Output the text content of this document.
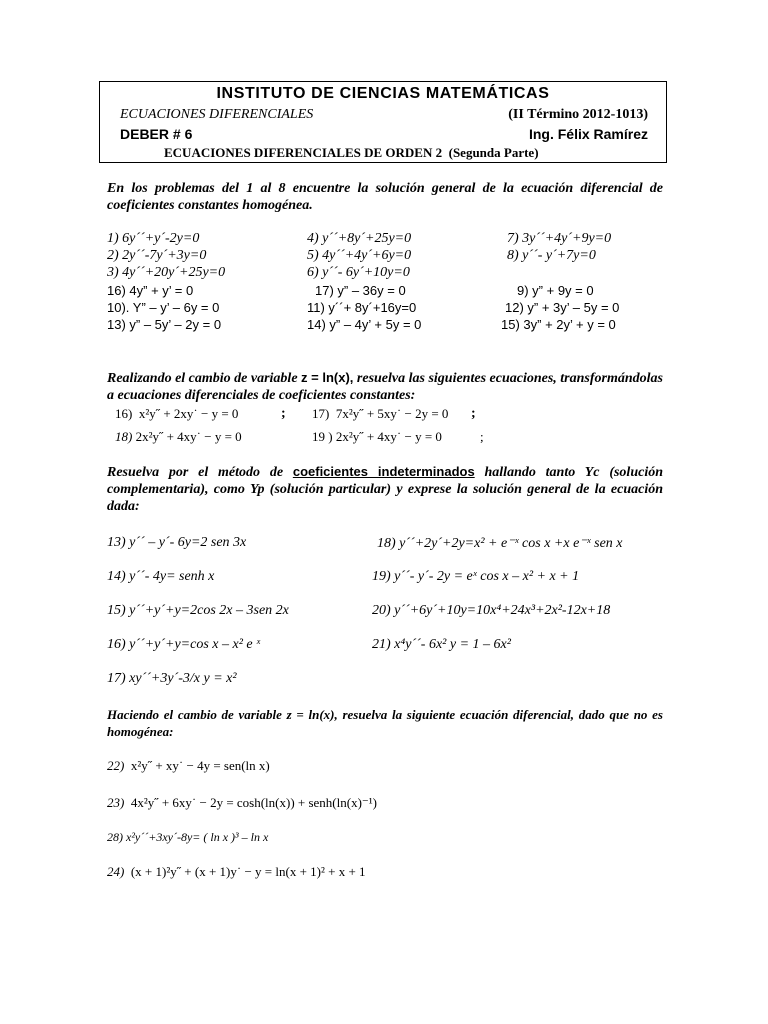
INSTITUTO DE CIENCIAS MATEMÁTICAS
ECUACIONES DIFERENCIALES	(II Término 2012-1013)
DEBER # 6	Ing. Félix Ramírez
ECUACIONES DIFERENCIALES DE ORDEN 2 (Segunda Parte)
En los problemas del 1 al 8 encuentre la solución general de la ecuación diferencial de coeficientes constantes homogénea.
1) 6y´´+y´-2y=0	4) y´´+8y´+25y=0	7) 3y´´+4y´+9y=0
2) 2y´´-7y´+3y=0	5) 4y´´+4y´+6y=0	8) y´´- y´+7y=0
3) 4y´´+20y´+25y=0	6) y´´- 6y´+10y=0
16) 4y” + y’ = 0	17) y” – 36y = 0	9) y” + 9y = 0
10). Y” – y’ – 6y = 0	11) y´´+ 8y´+16y=0	12) y” + 3y’ – 5y = 0
13) y” – 5y’ – 2y = 0	14) y” – 4y’ + 5y = 0	15) 3y” + 2y’ + y = 0
Realizando el cambio de variable z = ln(x), resuelva las siguientes ecuaciones, transformándolas a ecuaciones diferenciales de coeficientes constantes:
16) x²y˝ + 2xy˙ − y = 0	; 17) 7x²y˝ + 5xy˙ − 2y = 0 ;
18) 2x²y˝ + 4xy˙ − y = 0	19 ) 2x²y˝ + 4xy˙ − y = 0	;
Resuelva por el método de coeficientes indeterminados hallando tanto Yc (solución complementaria), como Yp (solución particular) y exprese la solución general de la ecuación dada:
13) y´´ – y´- 6y=2 sen 3x	18) y´´+2y´+2y=x² + e⁻ˣ cos x +x e⁻ˣ sen x
14) y´´- 4y= senh x	19) y´´- y´- 2y = eˣ cos x – x² + x + 1
15) y´´+y´+y=2cos 2x – 3sen 2x	20) y´´+6y´+10y=10x⁴+24x³+2x²-12x+18
16) y´´+y´+y=cos x – x² e ˣ	21) x⁴y´´- 6x² y = 1 – 6x²
17) xy´´+3y´-3/x y = x²
Haciendo el cambio de variable z = ln(x), resuelva la siguiente ecuación diferencial, dado que no es homogénea:
22) x²y˝ + xy˙ − 4y = sen(ln x)
23) 4x²y˝ + 6xy˙ − 2y = cosh(ln(x)) + senh(ln(x)⁻¹)
28) x²y´´+3xy´-8y= ( ln x )³ – ln x
24) (x + 1)²y˝ + (x + 1)y˙ − y = ln(x + 1)² + x + 1
